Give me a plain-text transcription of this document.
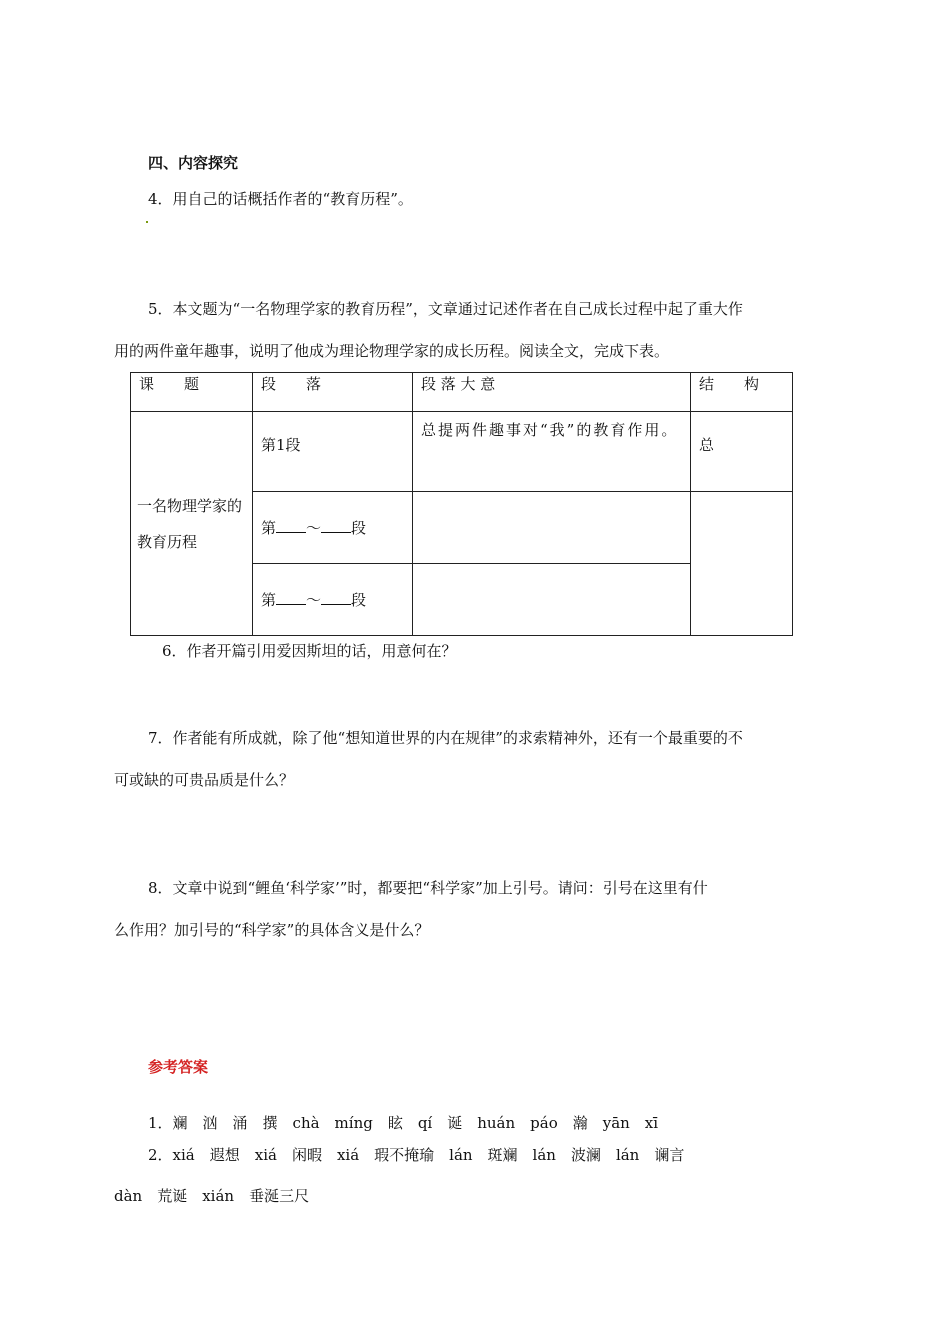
四、内容探究
4．用自己的话概括作者的“教育历程”。
5．本文题为“一名物理学家的教育历程”，文章通过记述作者在自己成长过程中起了重大作
用的两件童年趣事，说明了他成为理论物理学家的成长历程。阅读全文，完成下表。
课　　题	段　　落	段 落 大 意	结　　构
一名物理学家的教育历程	第1段	总提两件趣事对“我”的教育作用。	总
	第 ～ 段		
	第 ～ 段		
6．作者开篇引用爱因斯坦的话，用意何在？
7．作者能有所成就，除了他“想知道世界的内在规律”的求索精神外，还有一个最重要的不
可或缺的可贵品质是什么？
8．文章中说到“鲤鱼‘科学家’”时，都要把“科学家”加上引号。请问：引号在这里有什
么作用？加引号的“科学家”的具体含义是什么？
参考答案
1．斓　汹　涌　撰　chà　míng　眩　qí　诞　huán　páo　瀚　yān　xī
2．xiá　遐想　xiá　闲暇　xiá　瑕不掩瑜　lán　斑斓　lán　波澜　lán　谰言
dàn　荒诞　xián　垂涎三尺
